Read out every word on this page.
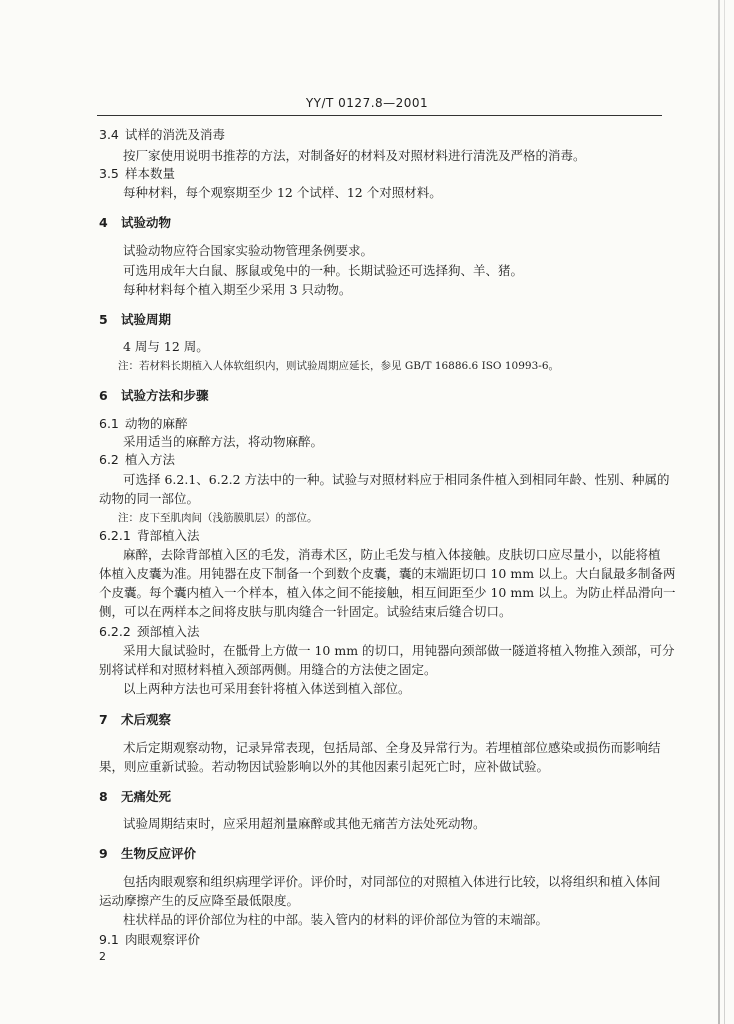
YY/T 0127.8—2001
3.4 试样的消洗及消毒
按厂家使用说明书推荐的方法，对制备好的材料及对照材料进行清洗及严格的消毒。
3.5 样本数量
每种材料，每个观察期至少 12 个试样、12 个对照材料。
4 试验动物
试验动物应符合国家实验动物管理条例要求。
可选用成年大白鼠、豚鼠或兔中的一种。长期试验还可选择狗、羊、猪。
每种材料每个植入期至少采用 3 只动物。
5 试验周期
4 周与 12 周。
注：若材料长期植入人体软组织内，则试验周期应延长，参见 GB/T 16886.6 ISO 10993-6。
6 试验方法和步骤
6.1 动物的麻醉
采用适当的麻醉方法，将动物麻醉。
6.2 植入方法
可选择 6.2.1、6.2.2 方法中的一种。试验与对照材料应于相同条件植入到相同年龄、性别、种属的
动物的同一部位。
注：皮下至肌肉间（浅筋膜肌层）的部位。
6.2.1 背部植入法
麻醉，去除背部植入区的毛发，消毒术区，防止毛发与植入体接触。皮肤切口应尽量小，以能将植
体植入皮囊为准。用钝器在皮下制备一个到数个皮囊，囊的末端距切口 10 mm 以上。大白鼠最多制备两
个皮囊。每个囊内植入一个样本，植入体之间不能接触，相互间距至少 10 mm 以上。为防止样品滑向一
侧，可以在两样本之间将皮肤与肌肉缝合一针固定。试验结束后缝合切口。
6.2.2 颈部植入法
采用大鼠试验时，在骶骨上方做一 10 mm 的切口，用钝器向颈部做一隧道将植入物推入颈部，可分
别将试样和对照材料植入颈部两侧。用缝合的方法使之固定。
以上两种方法也可采用套针将植入体送到植入部位。
7 术后观察
术后定期观察动物，记录异常表现，包括局部、全身及异常行为。若埋植部位感染或损伤而影响结
果，则应重新试验。若动物因试验影响以外的其他因素引起死亡时，应补做试验。
8 无痛处死
试验周期结束时，应采用超剂量麻醉或其他无痛苦方法处死动物。
9 生物反应评价
包括肉眼观察和组织病理学评价。评价时，对同部位的对照植入体进行比较，以将组织和植入体间
运动摩擦产生的反应降至最低限度。
柱状样品的评价部位为柱的中部。装入管内的材料的评价部位为管的末端部。
9.1 肉眼观察评价
2
